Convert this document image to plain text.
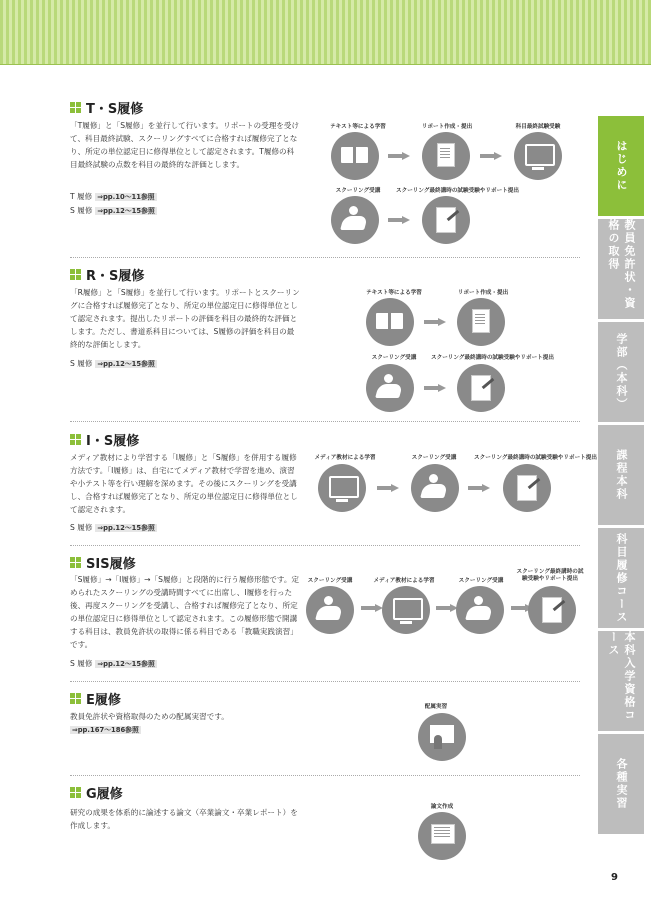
T・S履修
「T履修」と「S履修」を並行して行います。リポートの受理を受けて、科目最終試験、スクーリングすべてに合格すれば履修完了となり、所定の単位認定日に修得単位として認定されます。T履修の科目最終試験の点数を科目の最終的な評価とします。
T 履修 ⇒pp.10〜11参照
S 履修 ⇒pp.12〜15参照
テキスト等による学習	リポート作成・提出	科目最終試験受験
スクーリング受講	スクーリング最終講時の試験受験やリポート提出
R・S履修
「R履修」と「S履修」を並行して行います。リポートとスクーリングに合格すれば履修完了となり、所定の単位認定日に修得単位として認定されます。提出したリポートの評価を科目の最終的な評価とします。ただし、書道系科目については、S履修の評価を科目の最終的な評価とします。
S 履修 ⇒pp.12〜15参照
テキスト等による学習	リポート作成・提出
スクーリング受講	スクーリング最終講時の試験受験やリポート提出
I・S履修
メディア教材により学習する「I履修」と「S履修」を併用する履修方法です。「I履修」は、自宅にてメディア教材で学習を進め、演習や小テスト等を行い理解を深めます。その後にスクーリングを受講し、合格すれば履修完了となり、所定の単位認定日に修得単位として認定されます。
S 履修 ⇒pp.12〜15参照
メディア教材による学習	スクーリング受講	スクーリング最終講時の試験受験やリポート提出
SIS履修
「S履修」→「I履修」→「S履修」と段階的に行う履修形態です。定められたスクーリングの受講時間すべてに出席し、I履修を行った後、再度スクーリングを受講し、合格すれば履修完了となり、所定の単位認定日に修得単位として認定されます。この履修形態で開講する科目は、教員免許状の取得に係る科目である「教職実践演習」です。
S 履修 ⇒pp.12〜15参照
スクーリング受講	メディア教材による学習	スクーリング受講
スクーリング最終講時の試験受験やリポート提出
E履修
教員免許状や資格取得のための配属実習です。
⇒pp.167〜186参照
配属実習
G履修
研究の成果を体系的に論述する論文（卒業論文・卒業レポート）を作成します。
論文作成
はじめに
教員免許状・資格の取得
学部（本科）
課程本科
科目履修コース
本科入学資格コース
各種実習
9
